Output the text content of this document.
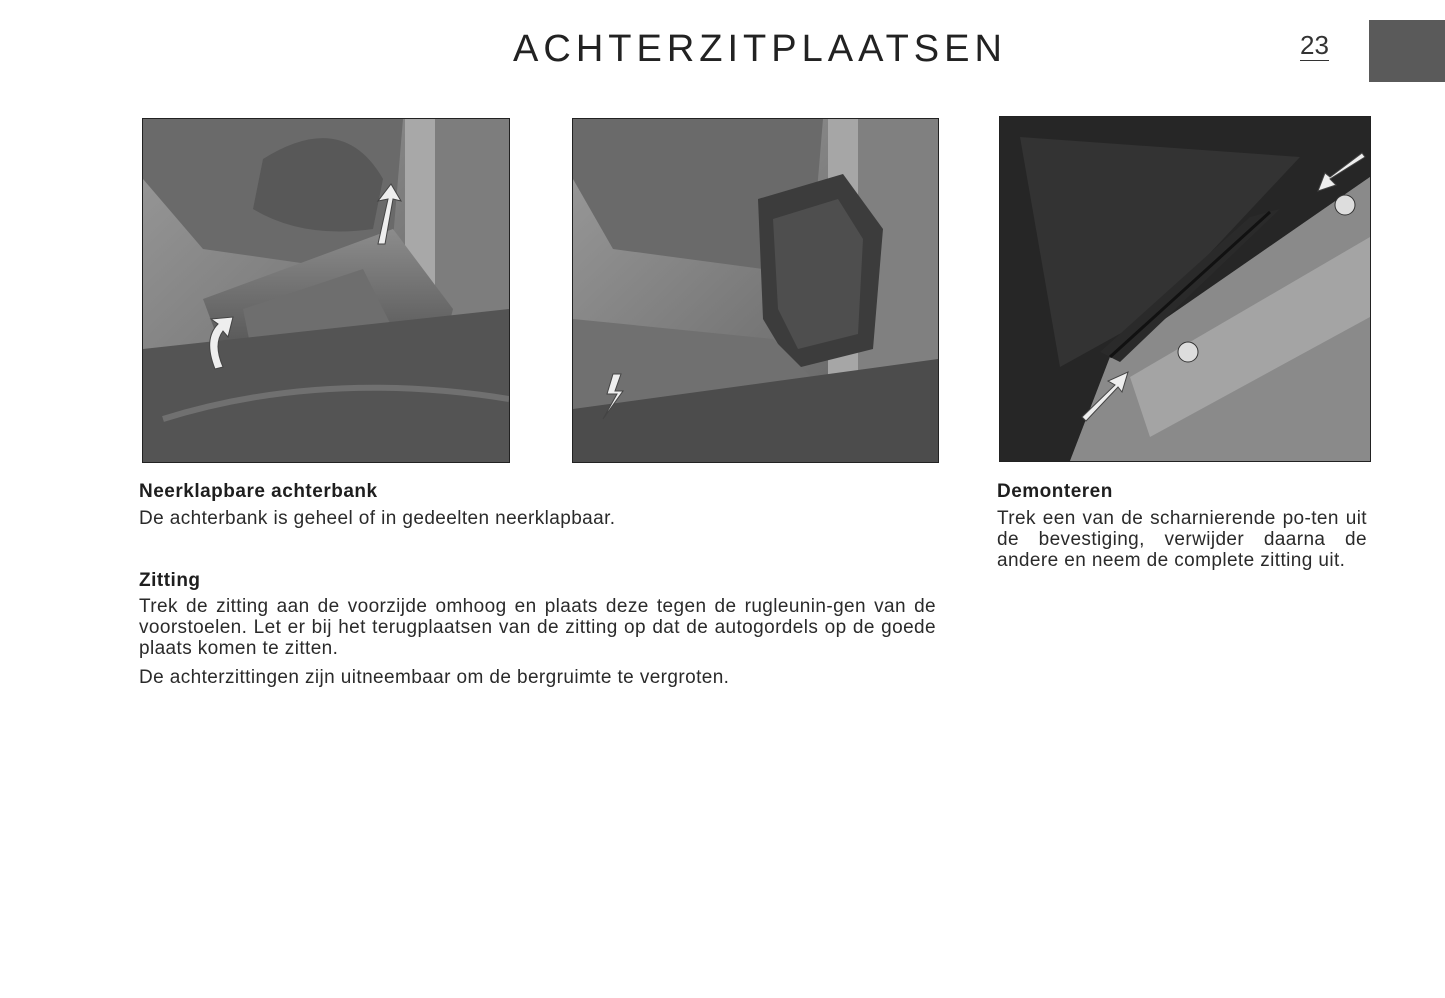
ACHTERZITPLAATSEN	23
Neerklapbare achterbank
De achterbank is geheel of in gedeelten neerklapbaar.
Zitting
Trek de zitting aan de voorzijde omhoog en plaats deze tegen de rugleunin-gen van de voorstoelen. Let er bij het terugplaatsen van de zitting op dat de autogordels op de goede plaats komen te zitten.
De achterzittingen zijn uitneembaar om de bergruimte te vergroten.
Demonteren
Trek een van de scharnierende po-ten uit de bevestiging, verwijder daarna de andere en neem de complete zitting uit.
